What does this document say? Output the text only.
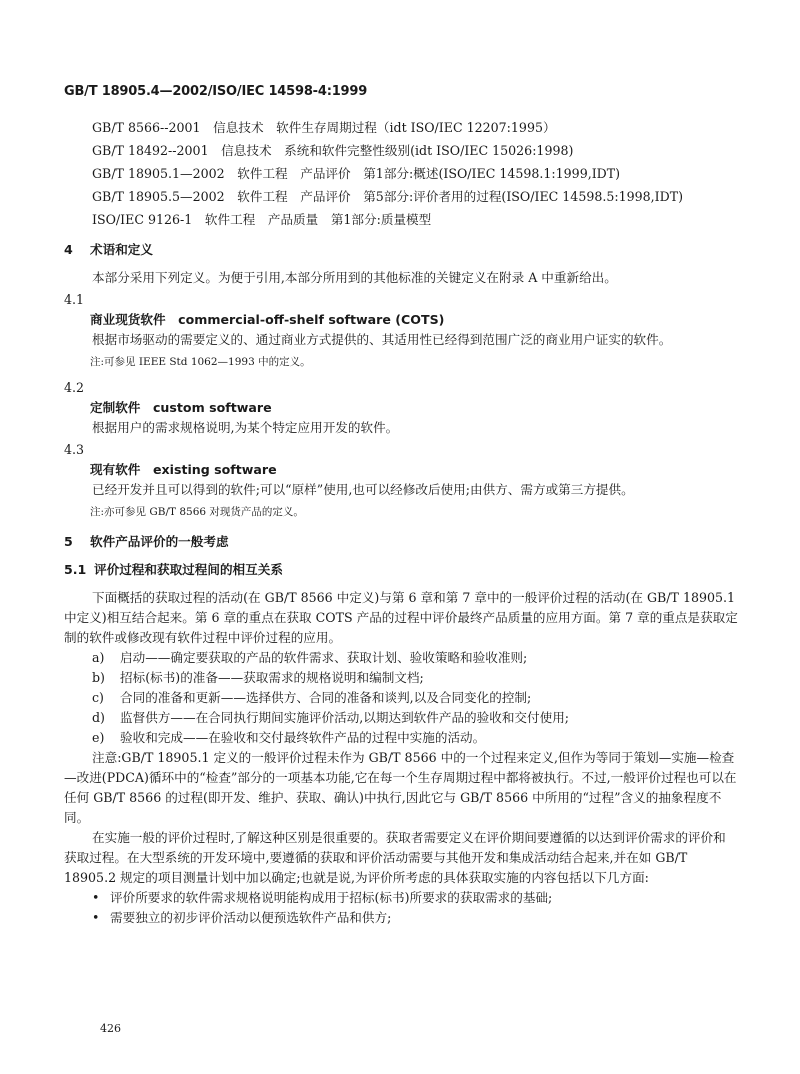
GB/T 18905.4—2002/ISO/IEC 14598-4:1999

GB/T 8566--2001　信息技术　软件生存周期过程（idt ISO/IEC 12207:1995）

GB/T 18492--2001　信息技术　系统和软件完整性级别(idt ISO/IEC 15026:1998)

GB/T 18905.1—2002　软件工程　产品评价　第1部分:概述(ISO/IEC 14598.1:1999,IDT)

GB/T 18905.5—2002　软件工程　产品评价　第5部分:评价者用的过程(ISO/IEC 14598.5:1998,IDT)

ISO/IEC 9126-1　软件工程　产品质量　第1部分:质量模型

4 术语和定义

本部分采用下列定义。为便于引用,本部分所用到的其他标准的关键定义在附录 A 中重新给出。

4.1
商业现货软件　commercial-off-shelf software (COTS)

根据市场驱动的需要定义的、通过商业方式提供的、其适用性已经得到范围广泛的商业用户证实的软件。

注:可参见 IEEE Std 1062—1993 中的定义。
4.2
定制软件　custom software

根据用户的需求规格说明,为某个特定应用开发的软件。

4.3
现有软件　existing software

已经开发并且可以得到的软件;可以“原样”使用,也可以经修改后使用;由供方、需方或第三方提供。

注:亦可参见 GB/T 8566 对现货产品的定义。
5 软件产品评价的一般考虑
5.1 评价过程和获取过程间的相互关系

下面概括的获取过程的活动(在 GB/T 8566 中定义)与第 6 章和第 7 章中的一般评价过程的活动(在 GB/T 18905.1 中定义)相互结合起来。第 6 章的重点在获取 COTS 产品的过程中评价最终产品质量的应用方面。第 7 章的重点是获取定制的软件或修改现有软件过程中评价过程的应用。

a)	启动——确定要获取的产品的软件需求、获取计划、验收策略和验收准则;
b)	招标(标书)的准备——获取需求的规格说明和编制文档;
c)	合同的准备和更新——选择供方、合同的准备和谈判,以及合同变化的控制;
d)	监督供方——在合同执行期间实施评价活动,以期达到软件产品的验收和交付使用;
e)	验收和完成——在验收和交付最终软件产品的过程中实施的活动。

注意:GB/T 18905.1 定义的一般评价过程未作为 GB/T 8566 中的一个过程来定义,但作为等同于策划—实施—检查—改进(PDCA)循环中的“检查”部分的一项基本功能,它在每一个生存周期过程中都将被执行。不过,一般评价过程也可以在任何 GB/T 8566 的过程(即开发、维护、获取、确认)中执行,因此它与 GB/T 8566 中所用的“过程”含义的抽象程度不同。

在实施一般的评价过程时,了解这种区别是很重要的。获取者需要定义在评价期间要遵循的以达到评价需求的评价和获取过程。在大型系统的开发环境中,要遵循的获取和评价活动需要与其他开发和集成活动结合起来,并在如 GB/T 18905.2 规定的项目测量计划中加以确定;也就是说,为评价所考虑的具体获取实施的内容包括以下几方面:

• 评价所要求的软件需求规格说明能构成用于招标(标书)所要求的获取需求的基础;
• 需要独立的初步评价活动以便预选软件产品和供方;
426
